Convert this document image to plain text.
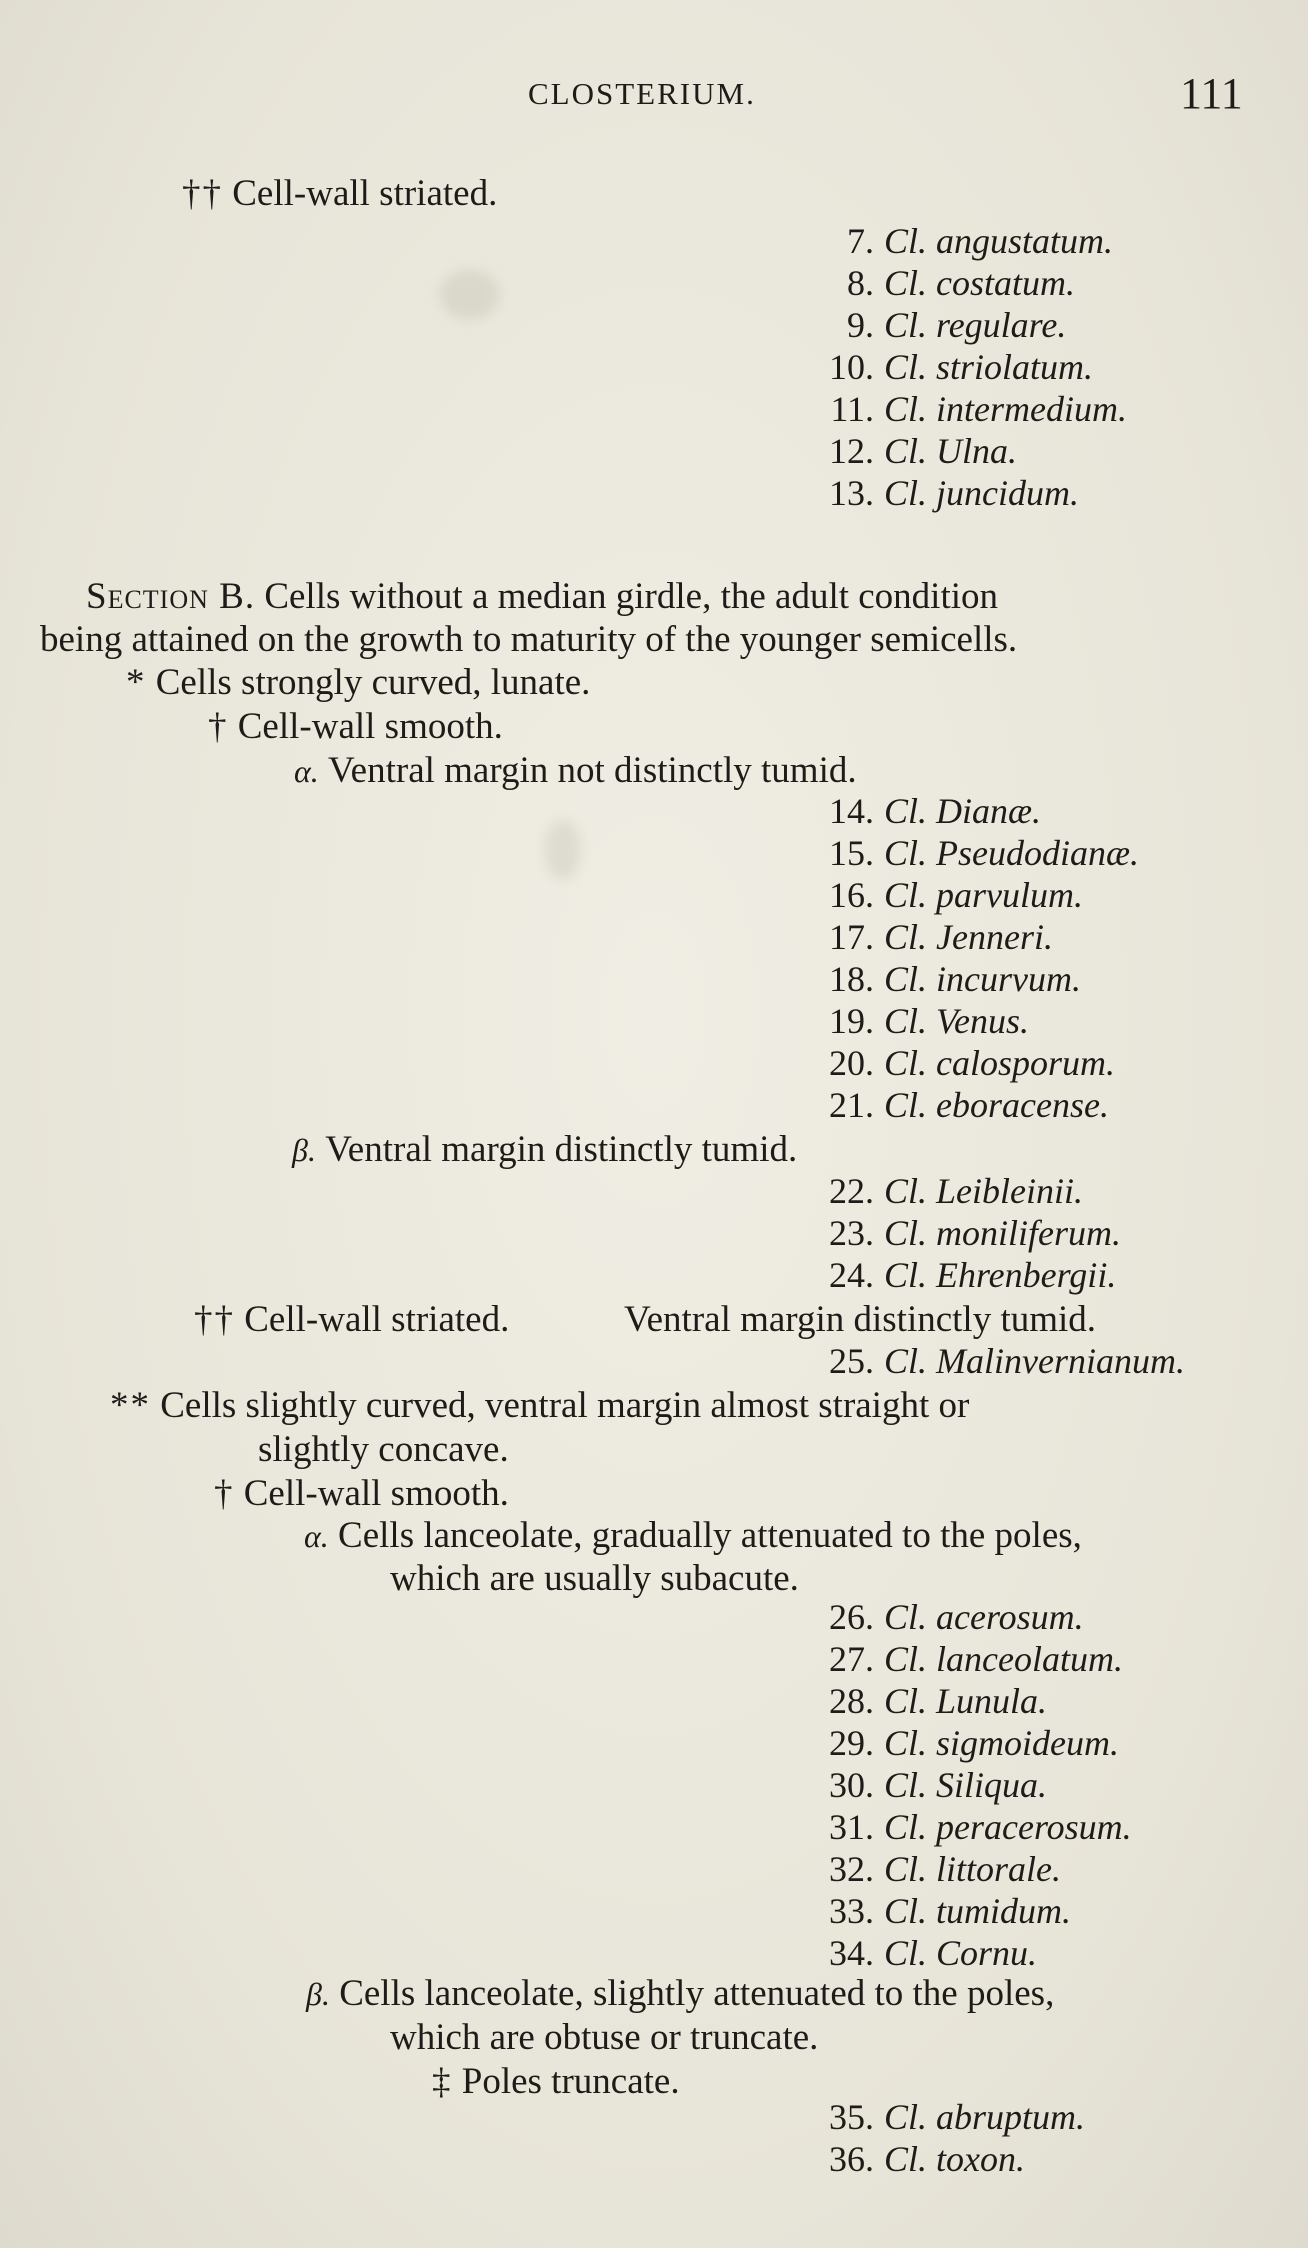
CLOSTERIUM.	111
†† Cell-wall striated.
7. Cl. angustatum.
8. Cl. costatum.
9. Cl. regulare.
10. Cl. striolatum.
11. Cl. intermedium.
12. Cl. Ulna.
13. Cl. juncidum.
Section B. Cells without a median girdle, the adult condition
being attained on the growth to maturity of the younger semicells.
* Cells strongly curved, lunate.
† Cell-wall smooth.
α. Ventral margin not distinctly tumid.
14. Cl. Dianæ.
15. Cl. Pseudodianæ.
16. Cl. parvulum.
17. Cl. Jenneri.
18. Cl. incurvum.
19. Cl. Venus.
20. Cl. calosporum.
21. Cl. eboracense.
β. Ventral margin distinctly tumid.
22. Cl. Leibleinii.
23. Cl. moniliferum.
24. Cl. Ehrenbergii.
†† Cell-wall striated.	Ventral margin distinctly tumid.
25. Cl. Malinvernianum.
** Cells slightly curved, ventral margin almost straight or
slightly concave.
† Cell-wall smooth.
α. Cells lanceolate, gradually attenuated to the poles,
which are usually subacute.
26. Cl. acerosum.
27. Cl. lanceolatum.
28. Cl. Lunula.
29. Cl. sigmoideum.
30. Cl. Siliqua.
31. Cl. peracerosum.
32. Cl. littorale.
33. Cl. tumidum.
34. Cl. Cornu.
β. Cells lanceolate, slightly attenuated to the poles,
which are obtuse or truncate.
‡ Poles truncate.
35. Cl. abruptum.
36. Cl. toxon.
